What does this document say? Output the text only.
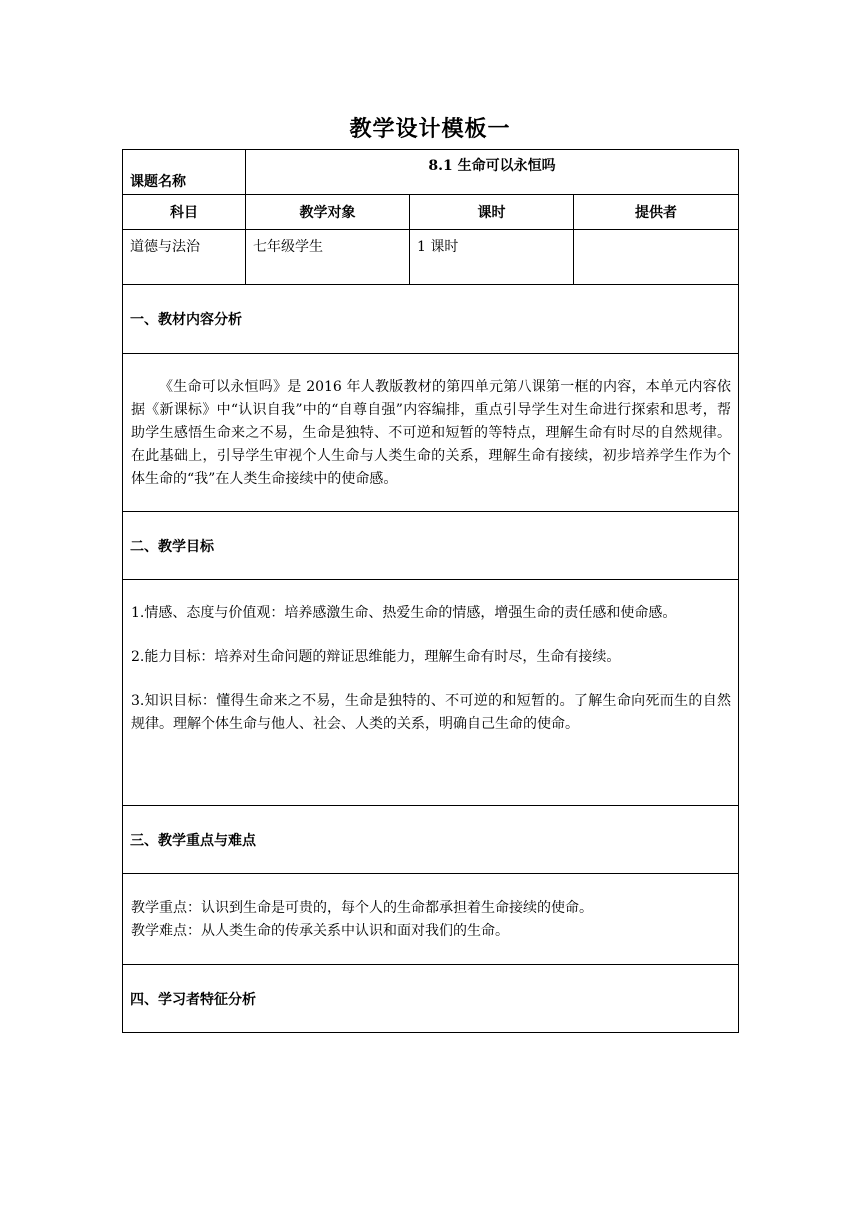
教学设计模板一
课题名称	8.1 生命可以永恒吗		
科目	教学对象	课时	提供者
道德与法治	七年级学生	1 课时	
一、教材内容分析			

《生命可以永恒吗》是 2016 年人教版教材的第四单元第八课第一框的内容，本单元内容依据《新课标》中“认识自我”中的“自尊自强”内容编排，重点引导学生对生命进行探索和思考，帮助学生感悟生命来之不易，生命是独特、不可逆和短暂的等特点，理解生命有时尽的自然规律。在此基础上，引导学生审视个人生命与人类生命的关系，理解生命有接续，初步培养学生作为个体生命的“我”在人类生命接续中的使命感。			

二、教学目标			

1.情感、态度与价值观：培养感激生命、热爱生命的情感，增强生命的责任感和使命感。

2.能力目标：培养对生命问题的辩证思维能力，理解生命有时尽，生命有接续。

3.知识目标：懂得生命来之不易，生命是独特的、不可逆的和短暂的。了解生命向死而生的自然规律。理解个体生命与他人、社会、人类的关系，明确自己生命的使命。			

三、教学重点与难点			

教学重点：认识到生命是可贵的，每个人的生命都承担着生命接续的使命。

教学难点：从人类生命的传承关系中认识和面对我们的生命。			

四、学习者特征分析			
